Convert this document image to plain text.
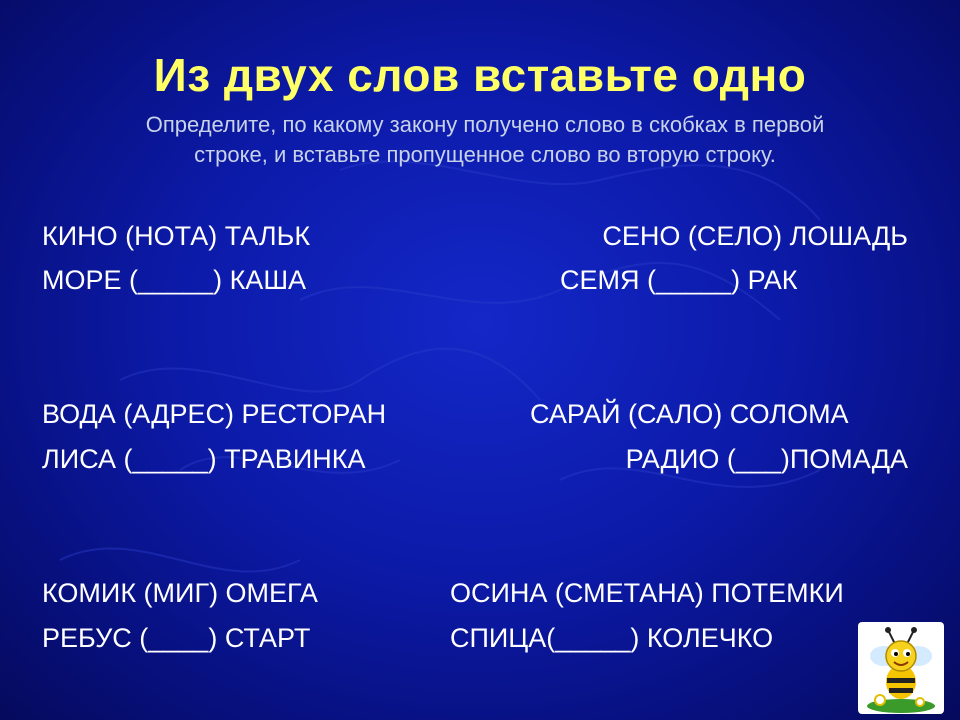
Из двух слов вставьте одно
Определите, по какому закону получено слово в скобках в первой
строке, и вставьте пропущенное слово во вторую строку.
КИНО (НОТА) ТАЛЬК
МОРЕ (_____) КАША
СЕНО (СЕЛО) ЛОШАДЬ
СЕМЯ (_____) РАК
ВОДА (АДРЕС) РЕСТОРАН
ЛИСА (_____) ТРАВИНКА
САРАЙ (САЛО) СОЛОМА
РАДИО (___)ПОМАДА
КОМИК (МИГ) ОМЕГА
РЕБУС (____) СТАРТ
ОСИНА (СМЕТАНА) ПОТЕМКИ
СПИЦА(_____) КОЛЕЧКО
